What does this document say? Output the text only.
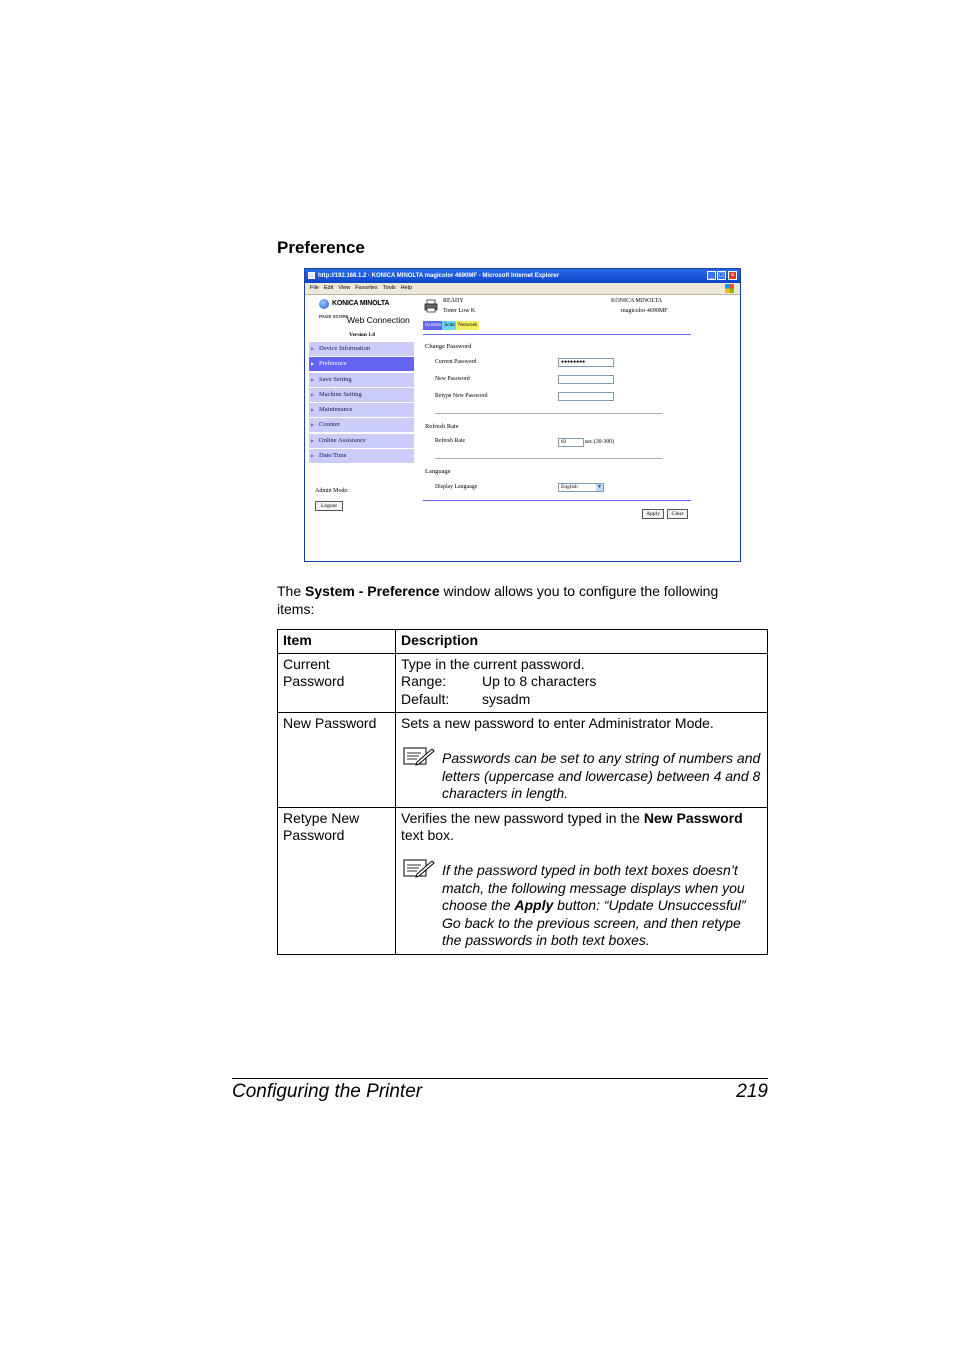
Preference
http://192.168.1.2 - KONICA MINOLTA magicolor 4690MF - Microsoft Internet Explorer	_ □ ×
File Edit View Favorites Tools Help
KONICA MINOLTA
PAGE SCOPE
Web Connection
Version 1.0
▶ Device Information
▶ Preference
▶ Save Setting
▶ Machine Setting
▶ Maintenance
▶ Counter
▶ Online Assistance
▶ Date/Time
Admin Mode:
Logout
READY
Toner Low K
KONICA MINOLTA
magicolor 4690MF
System Scan Network
Change Password
Current Password	●●●●●●●●
New Password
Retype New Password
Refresh Rate
Refresh Rate	60	sec.(30-300)
Language
Display Language	English	▼
Apply	Clear
The System - Preference window allows you to configure the following items:
Item	Description
Current Password	Type in the current password.
Range: Up to 8 characters
Default: sysadm

New Password	Sets a new password to enter Administrator Mode.
Passwords can be set to any string of numbers and letters (uppercase and lowercase) between 4 and 8 characters in length.

Retype New Password	Verifies the new password typed in the New Password text box.
If the password typed in both text boxes doesn’t match, the following message displays when you choose the Apply button: “Update Unsuccessful” Go back to the previous screen, and then retype the passwords in both text boxes.
Configuring the Printer	219
